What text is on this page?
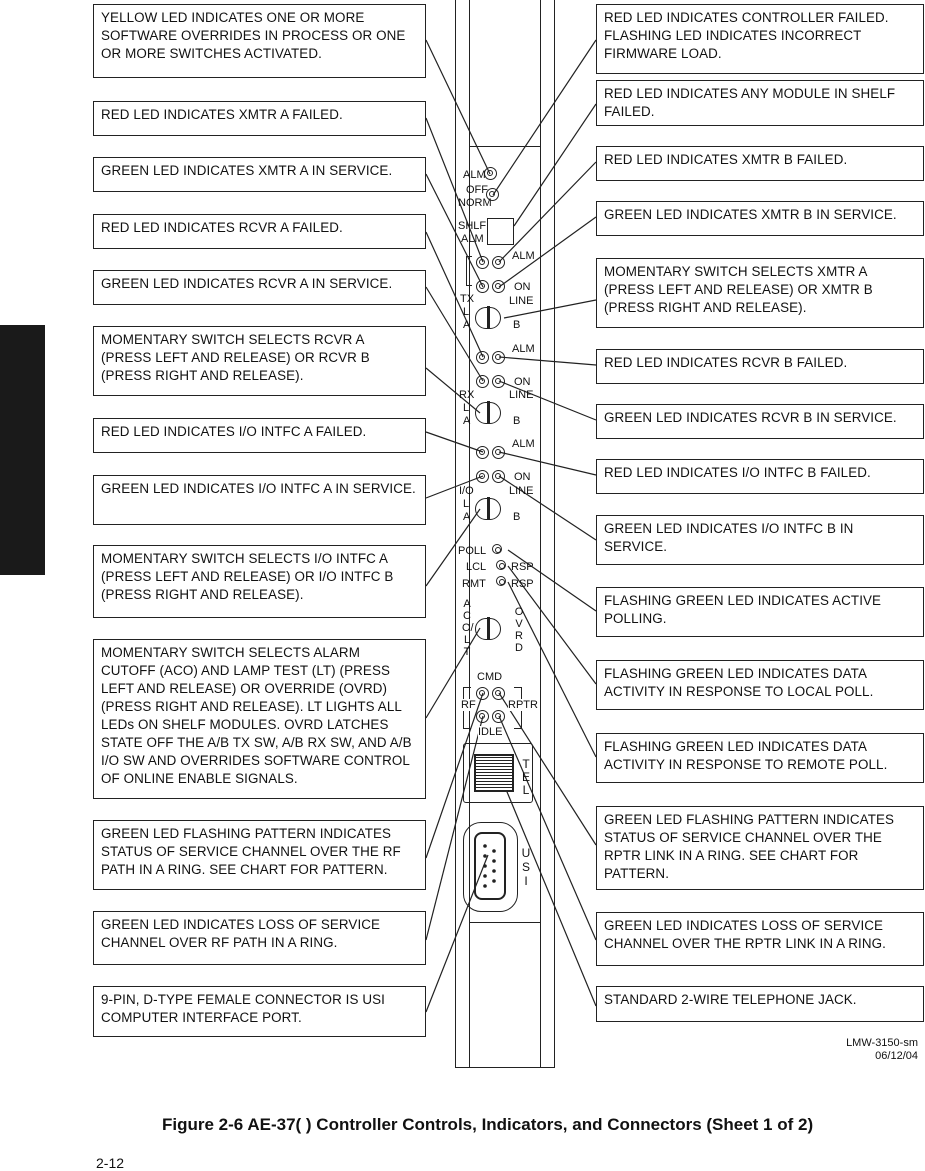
YELLOW LED INDICATES ONE OR MORE SOFTWARE OVERRIDES IN PROCESS OR ONE OR MORE SWITCHES ACTIVATED.
RED LED INDICATES XMTR A FAILED.
GREEN LED INDICATES XMTR A IN SERVICE.
RED LED INDICATES RCVR A FAILED.
GREEN LED INDICATES RCVR A IN SERVICE.
MOMENTARY SWITCH SELECTS RCVR A (PRESS LEFT AND RELEASE) OR RCVR B (PRESS RIGHT AND RELEASE).
RED LED INDICATES I/O INTFC A FAILED.
GREEN LED INDICATES I/O INTFC A IN SERVICE.
MOMENTARY SWITCH SELECTS I/O INTFC A (PRESS LEFT AND RELEASE) OR I/O INTFC B (PRESS RIGHT AND RELEASE).
MOMENTARY SWITCH SELECTS ALARM CUTOFF (ACO) AND LAMP TEST (LT) (PRESS LEFT AND RELEASE) OR OVERRIDE (OVRD) (PRESS RIGHT AND RELEASE). LT LIGHTS ALL LEDs ON SHELF MODULES. OVRD LATCHES STATE OFF THE A/B TX SW, A/B RX SW, AND A/B I/O SW AND OVERRIDES SOFTWARE CONTROL OF ONLINE ENABLE SIGNALS.
GREEN LED FLASHING PATTERN INDICATES STATUS OF SERVICE CHANNEL OVER THE RF PATH IN A RING. SEE CHART FOR PATTERN.
GREEN LED INDICATES LOSS OF SERVICE CHANNEL OVER RF PATH IN A RING.
9-PIN, D-TYPE FEMALE CONNECTOR IS USI COMPUTER INTERFACE PORT.
RED LED INDICATES CONTROLLER FAILED. FLASHING LED INDICATES INCORRECT FIRMWARE LOAD.
RED LED INDICATES ANY MODULE IN SHELF FAILED.
RED LED INDICATES XMTR B FAILED.
GREEN LED INDICATES XMTR B IN SERVICE.
MOMENTARY SWITCH SELECTS XMTR A (PRESS LEFT AND RELEASE) OR XMTR B (PRESS RIGHT AND RELEASE).
RED LED INDICATES RCVR B FAILED.
GREEN LED INDICATES RCVR B IN SERVICE.
RED LED INDICATES I/O INTFC B FAILED.
GREEN LED INDICATES I/O INTFC B IN SERVICE.
FLASHING GREEN LED INDICATES ACTIVE POLLING.
FLASHING GREEN LED INDICATES DATA ACTIVITY IN RESPONSE TO LOCAL POLL.
FLASHING GREEN LED INDICATES DATA ACTIVITY IN RESPONSE TO REMOTE POLL.
GREEN LED FLASHING PATTERN INDICATES STATUS OF SERVICE CHANNEL OVER THE RPTR LINK IN A RING. SEE CHART FOR PATTERN.
GREEN LED INDICATES LOSS OF SERVICE CHANNEL OVER THE RPTR LINK IN A RING.
STANDARD 2-WIRE TELEPHONE JACK.
ALM
OFF
NORM
SHLF
ALM
ALM
ON
LINE
TX
L
A	B
ALM
ON
LINE
RX
L
A	B
ALM
ON
LINE
I/O
L
A	B
POLL
LCL RSP
RMT RSP
ACO/LT
OVRD
CMD
RF	RPTR
IDLE
TEL
USI
LMW-3150-sm
06/12/04
Figure 2-6 AE-37( ) Controller Controls, Indicators, and Connectors (Sheet 1 of 2)
2-12
